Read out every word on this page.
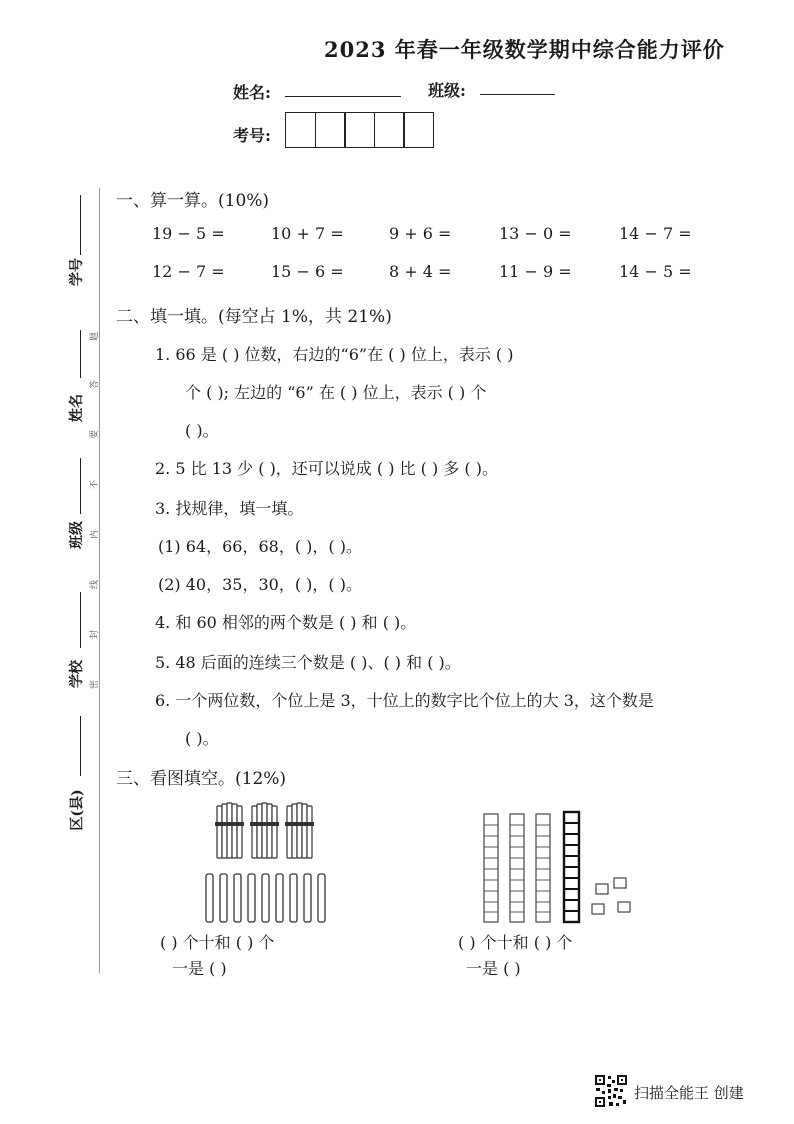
2023 年春一年级数学期中综合能力评价
姓名:	班级:
考号:
学号
姓名
班级
学校
区(县)
题
答
要
不
内
线
封
密
一、算一算。(10%)
19 − 5 =	10 + 7 =	9 + 6 =	13 − 0 =	14 − 7 =
12 − 7 =	15 − 6 =	8 + 4 =	11 − 9 =	14 − 5 =
二、填一填。(每空占 1%，共 21%)
1. 66 是 ( ) 位数，右边的“6”在 ( ) 位上，表示 ( )
个 ( ); 左边的 “6” 在 ( ) 位上，表示 ( ) 个
( )。
2. 5 比 13 少 ( )，还可以说成 ( ) 比 ( ) 多 ( )。
3. 找规律，填一填。
(1) 64，66，68，( )，( )。
(2) 40，35，30，( )，( )。
4. 和 60 相邻的两个数是 ( ) 和 ( )。
5. 48 后面的连续三个数是 ( )、( ) 和 ( )。
6. 一个两位数，个位上是 3，十位上的数字比个位上的大 3，这个数是
( )。
三、看图填空。(12%)
( ) 个十和 ( ) 个
一是 ( )
( ) 个十和 ( ) 个
一是 ( )
扫描全能王 创建
